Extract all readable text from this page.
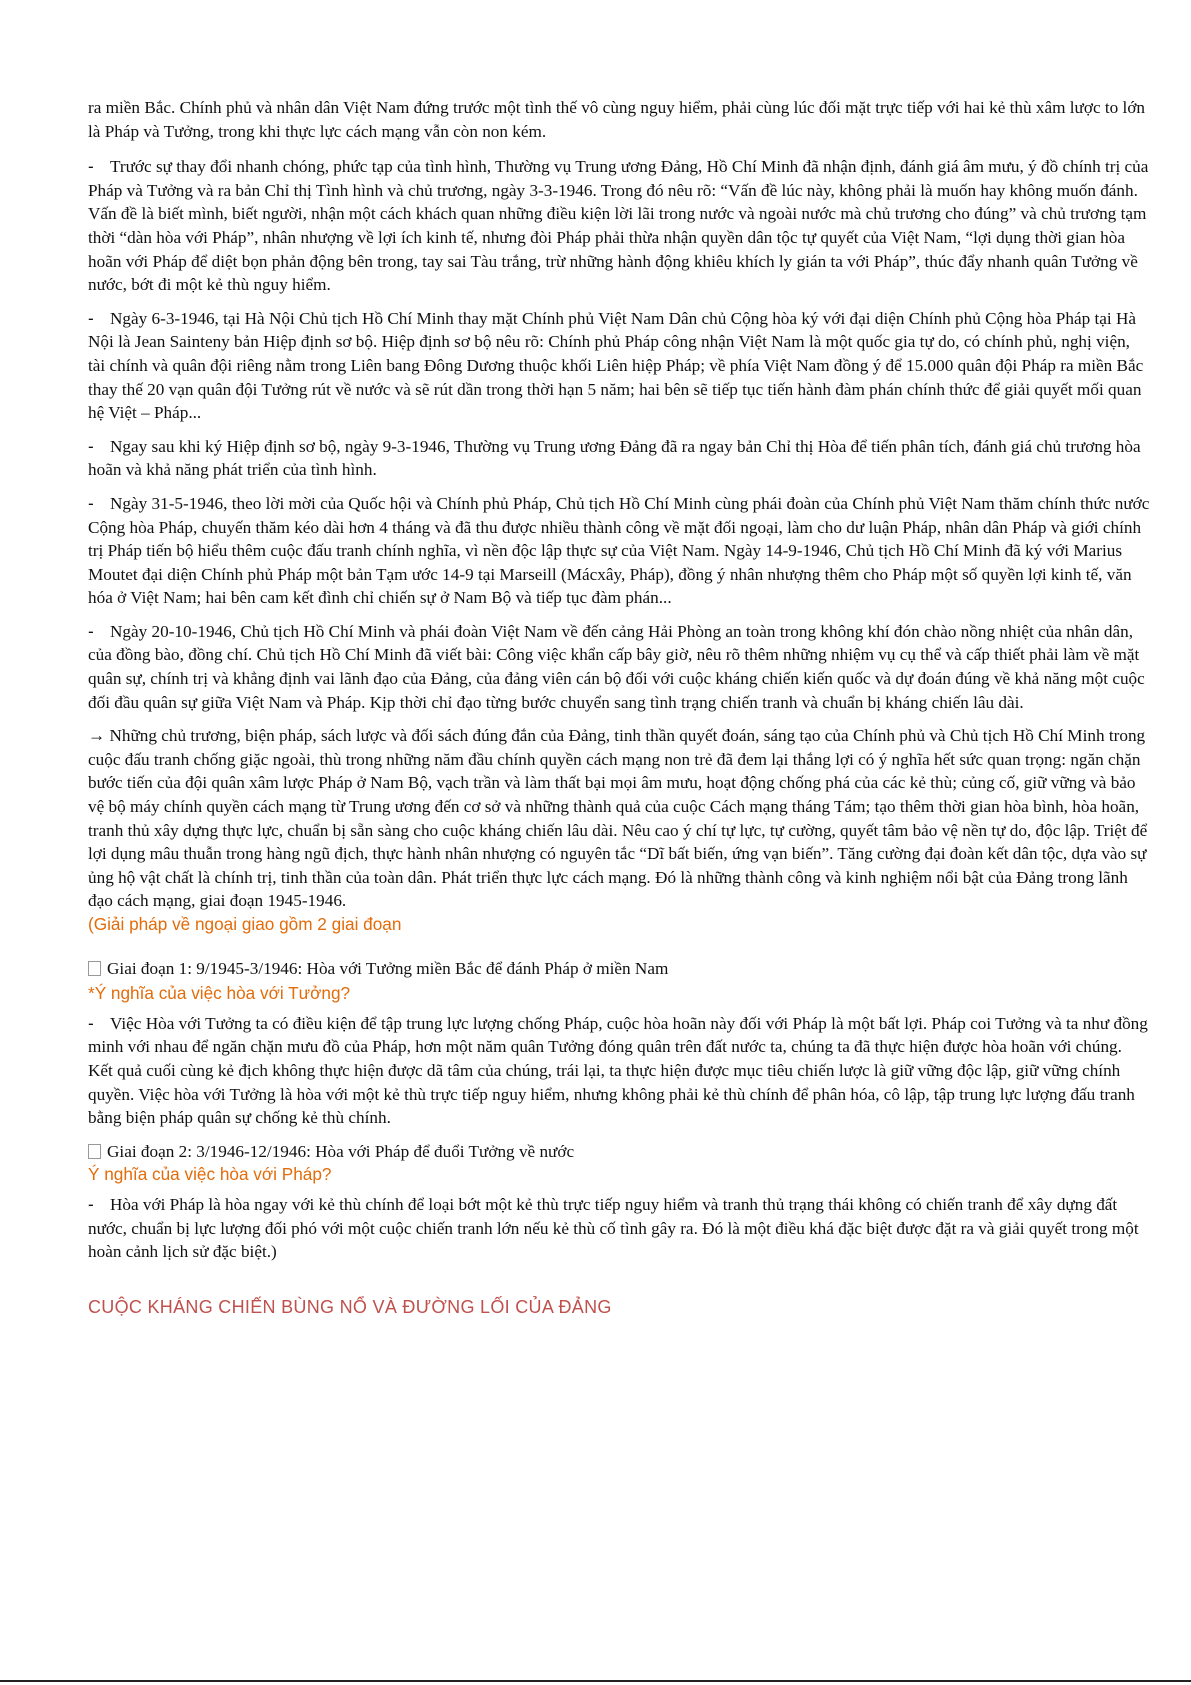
ra miền Bắc. Chính phủ và nhân dân Việt Nam đứng trước một tình thế vô cùng nguy hiểm, phải cùng lúc đối mặt trực tiếp với hai kẻ thù xâm lược to lớn là Pháp và Tưởng, trong khi thực lực cách mạng vẫn còn non kém.

- Trước sự thay đổi nhanh chóng, phức tạp của tình hình, Thường vụ Trung ương Đảng, Hồ Chí Minh đã nhận định, đánh giá âm mưu, ý đồ chính trị của Pháp và Tưởng và ra bản Chỉ thị Tình hình và chủ trương, ngày 3-3-1946. Trong đó nêu rõ: “Vấn đề lúc này, không phải là muốn hay không muốn đánh. Vấn đề là biết mình, biết người, nhận một cách khách quan những điều kiện lời lãi trong nước và ngoài nước mà chủ trương cho đúng” và chủ trương tạm thời “dàn hòa với Pháp”, nhân nhượng về lợi ích kinh tế, nhưng đòi Pháp phải thừa nhận quyền dân tộc tự quyết của Việt Nam, “lợi dụng thời gian hòa hoãn với Pháp để diệt bọn phản động bên trong, tay sai Tàu trắng, trừ những hành động khiêu khích ly gián ta với Pháp”, thúc đẩy nhanh quân Tưởng về nước, bớt đi một kẻ thù nguy hiểm.
- Ngày 6-3-1946, tại Hà Nội Chủ tịch Hồ Chí Minh thay mặt Chính phủ Việt Nam Dân chủ Cộng hòa ký với đại diện Chính phủ Cộng hòa Pháp tại Hà Nội là Jean Sainteny bản Hiệp định sơ bộ. Hiệp định sơ bộ nêu rõ: Chính phủ Pháp công nhận Việt Nam là một quốc gia tự do, có chính phủ, nghị viện, tài chính và quân đội riêng nằm trong Liên bang Đông Dương thuộc khối Liên hiệp Pháp; về phía Việt Nam đồng ý để 15.000 quân đội Pháp ra miền Bắc thay thế 20 vạn quân đội Tưởng rút về nước và sẽ rút dần trong thời hạn 5 năm; hai bên sẽ tiếp tục tiến hành đàm phán chính thức để giải quyết mối quan hệ Việt – Pháp...
- Ngay sau khi ký Hiệp định sơ bộ, ngày 9-3-1946, Thường vụ Trung ương Đảng đã ra ngay bản Chỉ thị Hòa để tiến phân tích, đánh giá chủ trương hòa hoãn và khả năng phát triển của tình hình.
- Ngày 31-5-1946, theo lời mời của Quốc hội và Chính phủ Pháp, Chủ tịch Hồ Chí Minh cùng phái đoàn của Chính phủ Việt Nam thăm chính thức nước Cộng hòa Pháp, chuyến thăm kéo dài hơn 4 tháng và đã thu được nhiều thành công về mặt đối ngoại, làm cho dư luận Pháp, nhân dân Pháp và giới chính trị Pháp tiến bộ hiểu thêm cuộc đấu tranh chính nghĩa, vì nền độc lập thực sự của Việt Nam. Ngày 14-9-1946, Chủ tịch Hồ Chí Minh đã ký với Marius Moutet đại diện Chính phủ Pháp một bản Tạm ước 14-9 tại Marseill (Mácxây, Pháp), đồng ý nhân nhượng thêm cho Pháp một số quyền lợi kinh tế, văn hóa ở Việt Nam; hai bên cam kết đình chỉ chiến sự ở Nam Bộ và tiếp tục đàm phán...
- Ngày 20-10-1946, Chủ tịch Hồ Chí Minh và phái đoàn Việt Nam về đến cảng Hải Phòng an toàn trong không khí đón chào nồng nhiệt của nhân dân, của đồng bào, đồng chí. Chủ tịch Hồ Chí Minh đã viết bài: Công việc khẩn cấp bây giờ, nêu rõ thêm những nhiệm vụ cụ thể và cấp thiết phải làm về mặt quân sự, chính trị và khẳng định vai lãnh đạo của Đảng, của đảng viên cán bộ đối với cuộc kháng chiến kiến quốc và dự đoán đúng về khả năng một cuộc đối đầu quân sự giữa Việt Nam và Pháp. Kịp thời chỉ đạo từng bước chuyển sang tình trạng chiến tranh và chuẩn bị kháng chiến lâu dài.

→ Những chủ trương, biện pháp, sách lược và đối sách đúng đắn của Đảng, tinh thần quyết đoán, sáng tạo của Chính phủ và Chủ tịch Hồ Chí Minh trong cuộc đấu tranh chống giặc ngoài, thù trong những năm đầu chính quyền cách mạng non trẻ đã đem lại thắng lợi có ý nghĩa hết sức quan trọng: ngăn chặn bước tiến của đội quân xâm lược Pháp ở Nam Bộ, vạch trần và làm thất bại mọi âm mưu, hoạt động chống phá của các kẻ thù; củng cố, giữ vững và bảo vệ bộ máy chính quyền cách mạng từ Trung ương đến cơ sở và những thành quả của cuộc Cách mạng tháng Tám; tạo thêm thời gian hòa bình, hòa hoãn, tranh thủ xây dựng thực lực, chuẩn bị sẵn sàng cho cuộc kháng chiến lâu dài. Nêu cao ý chí tự lực, tự cường, quyết tâm bảo vệ nền tự do, độc lập. Triệt để lợi dụng mâu thuẫn trong hàng ngũ địch, thực hành nhân nhượng có nguyên tắc “Dĩ bất biến, ứng vạn biến”. Tăng cường đại đoàn kết dân tộc, dựa vào sự ủng hộ vật chất là chính trị, tinh thần của toàn dân. Phát triển thực lực cách mạng. Đó là những thành công và kinh nghiệm nổi bật của Đảng trong lãnh đạo cách mạng, giai đoạn 1945-1946.

(Giải pháp về ngoại giao gồm 2 giai đoạn

Giai đoạn 1: 9/1945-3/1946: Hòa với Tưởng miền Bắc để đánh Pháp ở miền Nam

*Ý nghĩa của việc hòa với Tưởng?

- Việc Hòa với Tưởng ta có điều kiện để tập trung lực lượng chống Pháp, cuộc hòa hoãn này đối với Pháp là một bất lợi. Pháp coi Tưởng và ta như đồng minh với nhau để ngăn chặn mưu đồ của Pháp, hơn một năm quân Tưởng đóng quân trên đất nước ta, chúng ta đã thực hiện được hòa hoãn với chúng. Kết quả cuối cùng kẻ địch không thực hiện được dã tâm của chúng, trái lại, ta thực hiện được mục tiêu chiến lược là giữ vững độc lập, giữ vững chính quyền. Việc hòa với Tưởng là hòa với một kẻ thù trực tiếp nguy hiểm, nhưng không phải kẻ thù chính để phân hóa, cô lập, tập trung lực lượng đấu tranh bằng biện pháp quân sự chống kẻ thù chính.

Giai đoạn 2: 3/1946-12/1946: Hòa với Pháp để đuổi Tưởng về nước

Ý nghĩa của việc hòa với Pháp?

- Hòa với Pháp là hòa ngay với kẻ thù chính để loại bớt một kẻ thù trực tiếp nguy hiểm và tranh thủ trạng thái không có chiến tranh để xây dựng đất nước, chuẩn bị lực lượng đối phó với một cuộc chiến tranh lớn nếu kẻ thù cố tình gây ra. Đó là một điều khá đặc biệt được đặt ra và giải quyết trong một hoàn cảnh lịch sử đặc biệt.)

CUỘC KHÁNG CHIẾN BÙNG NỔ VÀ ĐƯỜNG LỐI CỦA ĐẢNG
